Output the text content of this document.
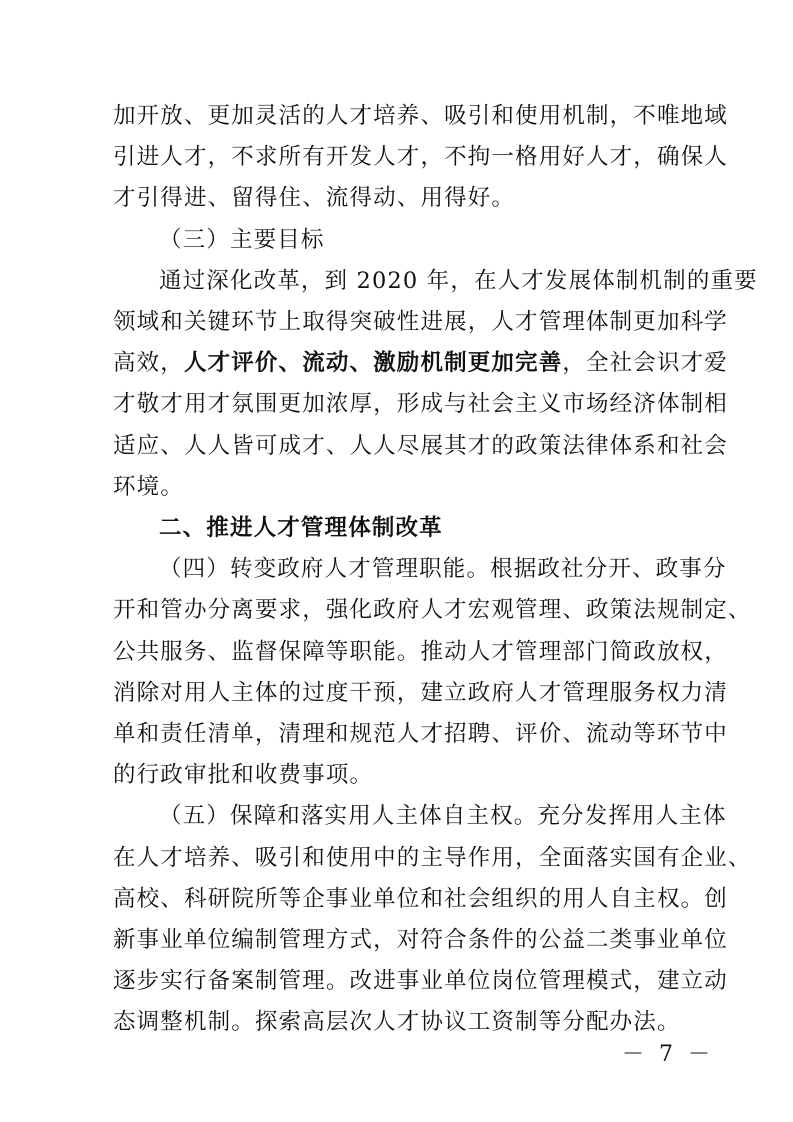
加开放、更加灵活的人才培养、吸引和使用机制，不唯地域
引进人才，不求所有开发人才，不拘一格用好人才，确保人
才引得进、留得住、流得动、用得好。
（三）主要目标
通过深化改革，到 2020 年，在人才发展体制机制的重要
领域和关键环节上取得突破性进展，人才管理体制更加科学
高效，人才评价、流动、激励机制更加完善，全社会识才爱
才敬才用才氛围更加浓厚，形成与社会主义市场经济体制相
适应、人人皆可成才、人人尽展其才的政策法律体系和社会
环境。
二、推进人才管理体制改革
（四）转变政府人才管理职能。根据政社分开、政事分
开和管办分离要求，强化政府人才宏观管理、政策法规制定、
公共服务、监督保障等职能。推动人才管理部门简政放权，
消除对用人主体的过度干预，建立政府人才管理服务权力清
单和责任清单，清理和规范人才招聘、评价、流动等环节中
的行政审批和收费事项。
（五）保障和落实用人主体自主权。充分发挥用人主体
在人才培养、吸引和使用中的主导作用，全面落实国有企业、
高校、科研院所等企事业单位和社会组织的用人自主权。创
新事业单位编制管理方式，对符合条件的公益二类事业单位
逐步实行备案制管理。改进事业单位岗位管理模式，建立动
态调整机制。探索高层次人才协议工资制等分配办法。
－ 7 －
